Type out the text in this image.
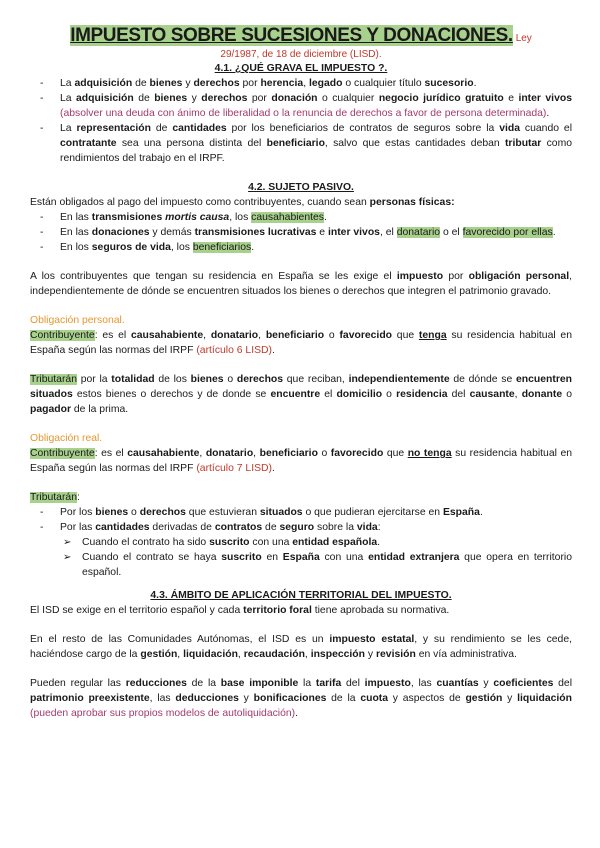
IMPUESTO SOBRE SUCESIONES Y DONACIONES. Ley
29/1987, de 18 de diciembre (LISD).
4.1. ¿QUÉ GRAVA EL IMPUESTO ?.
- La adquisición de bienes y derechos por herencia, legado o cualquier título sucesorio.
- La adquisición de bienes y derechos por donación o cualquier negocio jurídico gratuito e inter vivos (absolver una deuda con ánimo de liberalidad o la renuncia de derechos a favor de persona determinada).
- La representación de cantidades por los beneficiarios de contratos de seguros sobre la vida cuando el contratante sea una persona distinta del beneficiario, salvo que estas cantidades deban tributar como rendimientos del trabajo en el IRPF.
4.2. SUJETO PASIVO.

Están obligados al pago del impuesto como contribuyentes, cuando sean personas físicas:

- En las transmisiones mortis causa, los causahabientes.
- En las donaciones y demás transmisiones lucrativas e inter vivos, el donatario o el favorecido por ellas.
- En los seguros de vida, los beneficiarios.

A los contribuyentes que tengan su residencia en España se les exige el impuesto por obligación personal, independientemente de dónde se encuentren situados los bienes o derechos que integren el patrimonio gravado.

Obligación personal.

Contribuyente: es el causahabiente, donatario, beneficiario o favorecido que tenga su residencia habitual en España según las normas del IRPF (artículo 6 LISD).

Tributarán por la totalidad de los bienes o derechos que reciban, independientemente de dónde se encuentren situados estos bienes o derechos y de donde se encuentre el domicilio o residencia del causante, donante o pagador de la prima.

Obligación real.

Contribuyente: es el causahabiente, donatario, beneficiario o favorecido que no tenga su residencia habitual en España según las normas del IRPF (artículo 7 LISD).

Tributarán:

- Por los bienes o derechos que estuvieran situados o que pudieran ejercitarse en España.
- Por las cantidades derivadas de contratos de seguro sobre la vida:
➢ Cuando el contrato ha sido suscrito con una entidad española.
➢ Cuando el contrato se haya suscrito en España con una entidad extranjera que opera en territorio español.
4.3. ÁMBITO DE APLICACIÓN TERRITORIAL DEL IMPUESTO.

El ISD se exige en el territorio español y cada territorio foral tiene aprobada su normativa.

En el resto de las Comunidades Autónomas, el ISD es un impuesto estatal, y su rendimiento se les cede, haciéndose cargo de la gestión, liquidación, recaudación, inspección y revisión en vía administrativa.

Pueden regular las reducciones de la base imponible la tarifa del impuesto, las cuantías y coeficientes del patrimonio preexistente, las deducciones y bonificaciones de la cuota y aspectos de gestión y liquidación (pueden aprobar sus propios modelos de autoliquidación).
